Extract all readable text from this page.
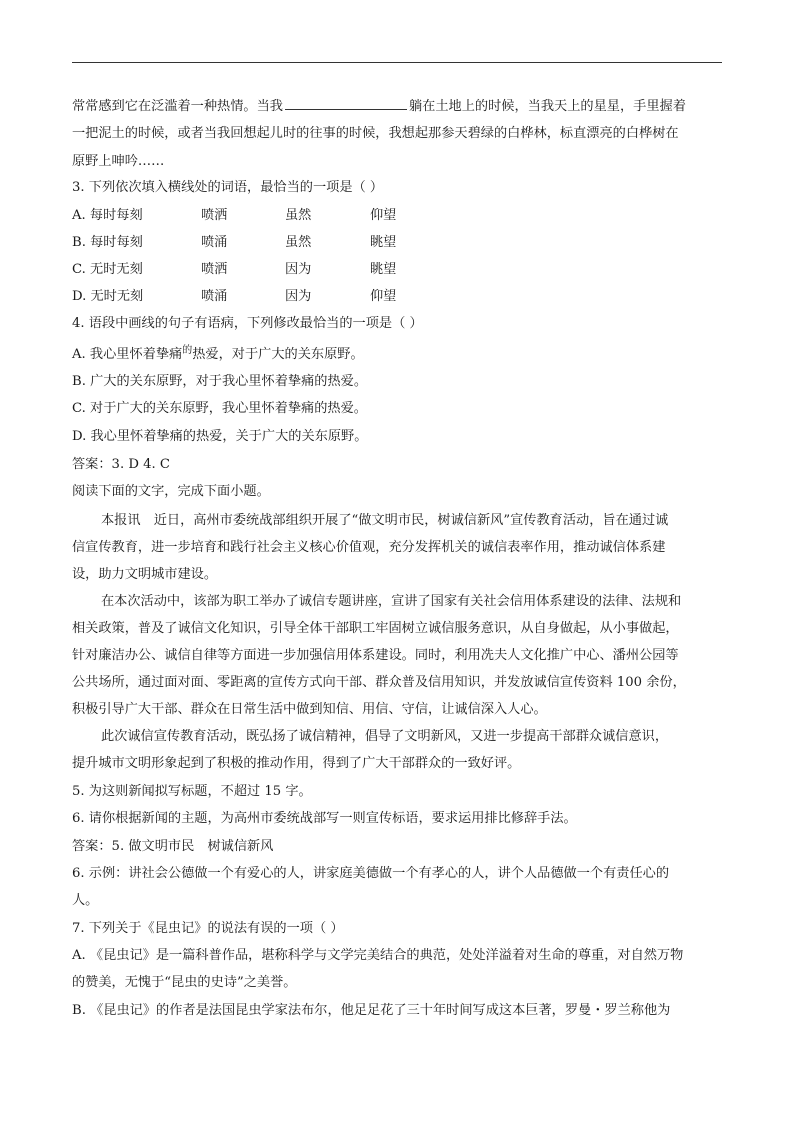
常常感到它在泛滥着一种热情。当我	躺在土地上的时候，当我天上的星星，手里握着

一把泥土的时候，或者当我回想起儿时的往事的时候，我想起那参天碧绿的白桦林，标直漂亮的白桦树在

原野上呻吟……

3. 下列依次填入横线处的词语，最恰当的一项是（ ）

A. 每时每刻	喷洒	虽然	仰望
B. 每时每刻	喷涌	虽然	眺望
C. 无时无刻	喷洒	因为	眺望
D. 无时无刻	喷涌	因为	仰望

4. 语段中画线的句子有语病，下列修改最恰当的一项是（ ）

A. 我心里怀着挚痛$^的$热爱，对于广大的关东原野。

B. 广大的关东原野，对于我心里怀着挚痛的热爱。

C. 对于广大的关东原野，我心里怀着挚痛的热爱。

D. 我心里怀着挚痛的热爱，关于广大的关东原野。

答案：3. D 4. C

阅读下面的文字，完成下面小题。

本报讯　近日，高州市委统战部组织开展了“做文明市民，树诚信新风”宣传教育活动，旨在通过诚

信宣传教育，进一步培育和践行社会主义核心价值观，充分发挥机关的诚信表率作用，推动诚信体系建

设，助力文明城市建设。

在本次活动中，该部为职工举办了诚信专题讲座，宣讲了国家有关社会信用体系建设的法律、法规和

相关政策，普及了诚信文化知识，引导全体干部职工牢固树立诚信服务意识，从自身做起，从小事做起，

针对廉洁办公、诚信自律等方面进一步加强信用体系建设。同时，利用冼夫人文化推广中心、潘州公园等

公共场所，通过面对面、零距离的宣传方式向干部、群众普及信用知识，并发放诚信宣传资料 100 余份，

积极引导广大干部、群众在日常生活中做到知信、用信、守信，让诚信深入人心。

此次诚信宣传教育活动，既弘扬了诚信精神，倡导了文明新风，又进一步提高干部群众诚信意识，

提升城市文明形象起到了积极的推动作用，得到了广大干部群众的一致好评。

5. 为这则新闻拟写标题，不超过 15 字。

6. 请你根据新闻的主题，为高州市委统战部写一则宣传标语，要求运用排比修辞手法。

答案：5. 做文明市民　树诚信新风

6. 示例：讲社会公德做一个有爱心的人，讲家庭美德做一个有孝心的人，讲个人品德做一个有责任心的

人。

7. 下列关于《昆虫记》的说法有误的一项（ ）

A. 《昆虫记》是一篇科普作品，堪称科学与文学完美结合的典范，处处洋溢着对生命的尊重，对自然万物

的赞美，无愧于“昆虫的史诗”之美誉。

B. 《昆虫记》的作者是法国昆虫学家法布尔，他足足花了三十年时间写成这本巨著，罗曼・罗兰称他为
